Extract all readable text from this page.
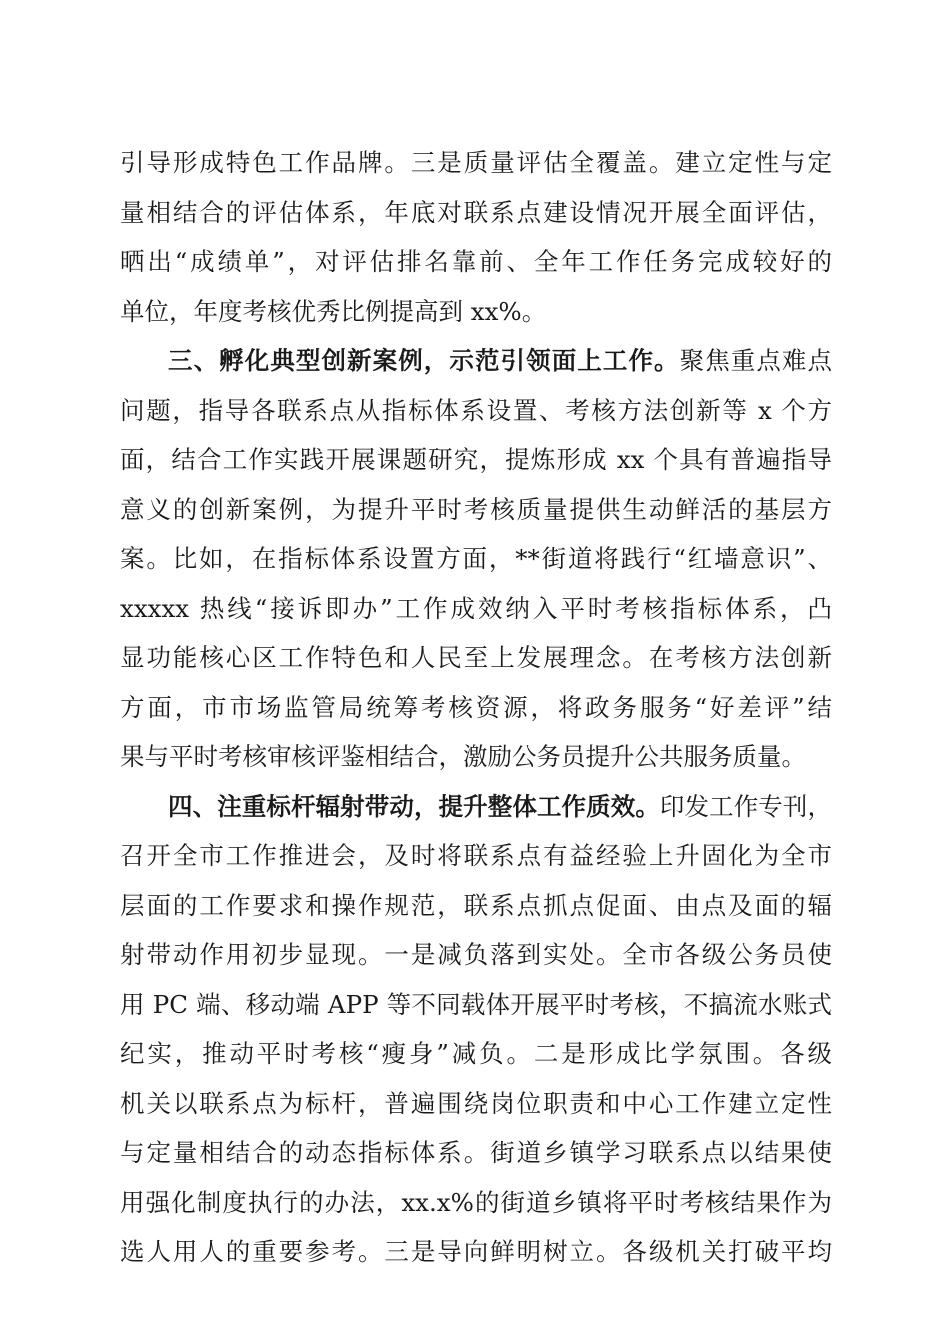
引导形成特色工作品牌。三是质量评估全覆盖。建立定性与定
量相结合的评估体系，年底对联系点建设情况开展全面评估，
晒出“成绩单”，对评估排名靠前、全年工作任务完成较好的
单位，年度考核优秀比例提高到 xx%。
三、孵化典型创新案例，示范引领面上工作。聚焦重点难点
问题，指导各联系点从指标体系设置、考核方法创新等 x 个方
面，结合工作实践开展课题研究，提炼形成 xx 个具有普遍指导
意义的创新案例，为提升平时考核质量提供生动鲜活的基层方
案。比如，在指标体系设置方面，**街道将践行“红墙意识”、
xxxxx 热线“接诉即办”工作成效纳入平时考核指标体系，凸
显功能核心区工作特色和人民至上发展理念。在考核方法创新
方面，市市场监管局统筹考核资源，将政务服务“好差评”结
果与平时考核审核评鉴相结合，激励公务员提升公共服务质量。
四、注重标杆辐射带动，提升整体工作质效。印发工作专刊，
召开全市工作推进会，及时将联系点有益经验上升固化为全市
层面的工作要求和操作规范，联系点抓点促面、由点及面的辐
射带动作用初步显现。一是减负落到实处。全市各级公务员使
用 PC 端、移动端 APP 等不同载体开展平时考核，不搞流水账式
纪实，推动平时考核“瘦身”减负。二是形成比学氛围。各级
机关以联系点为标杆，普遍围绕岗位职责和中心工作建立定性
与定量相结合的动态指标体系。街道乡镇学习联系点以结果使
用强化制度执行的办法，xx.x%的街道乡镇将平时考核结果作为
选人用人的重要参考。三是导向鲜明树立。各级机关打破平均
